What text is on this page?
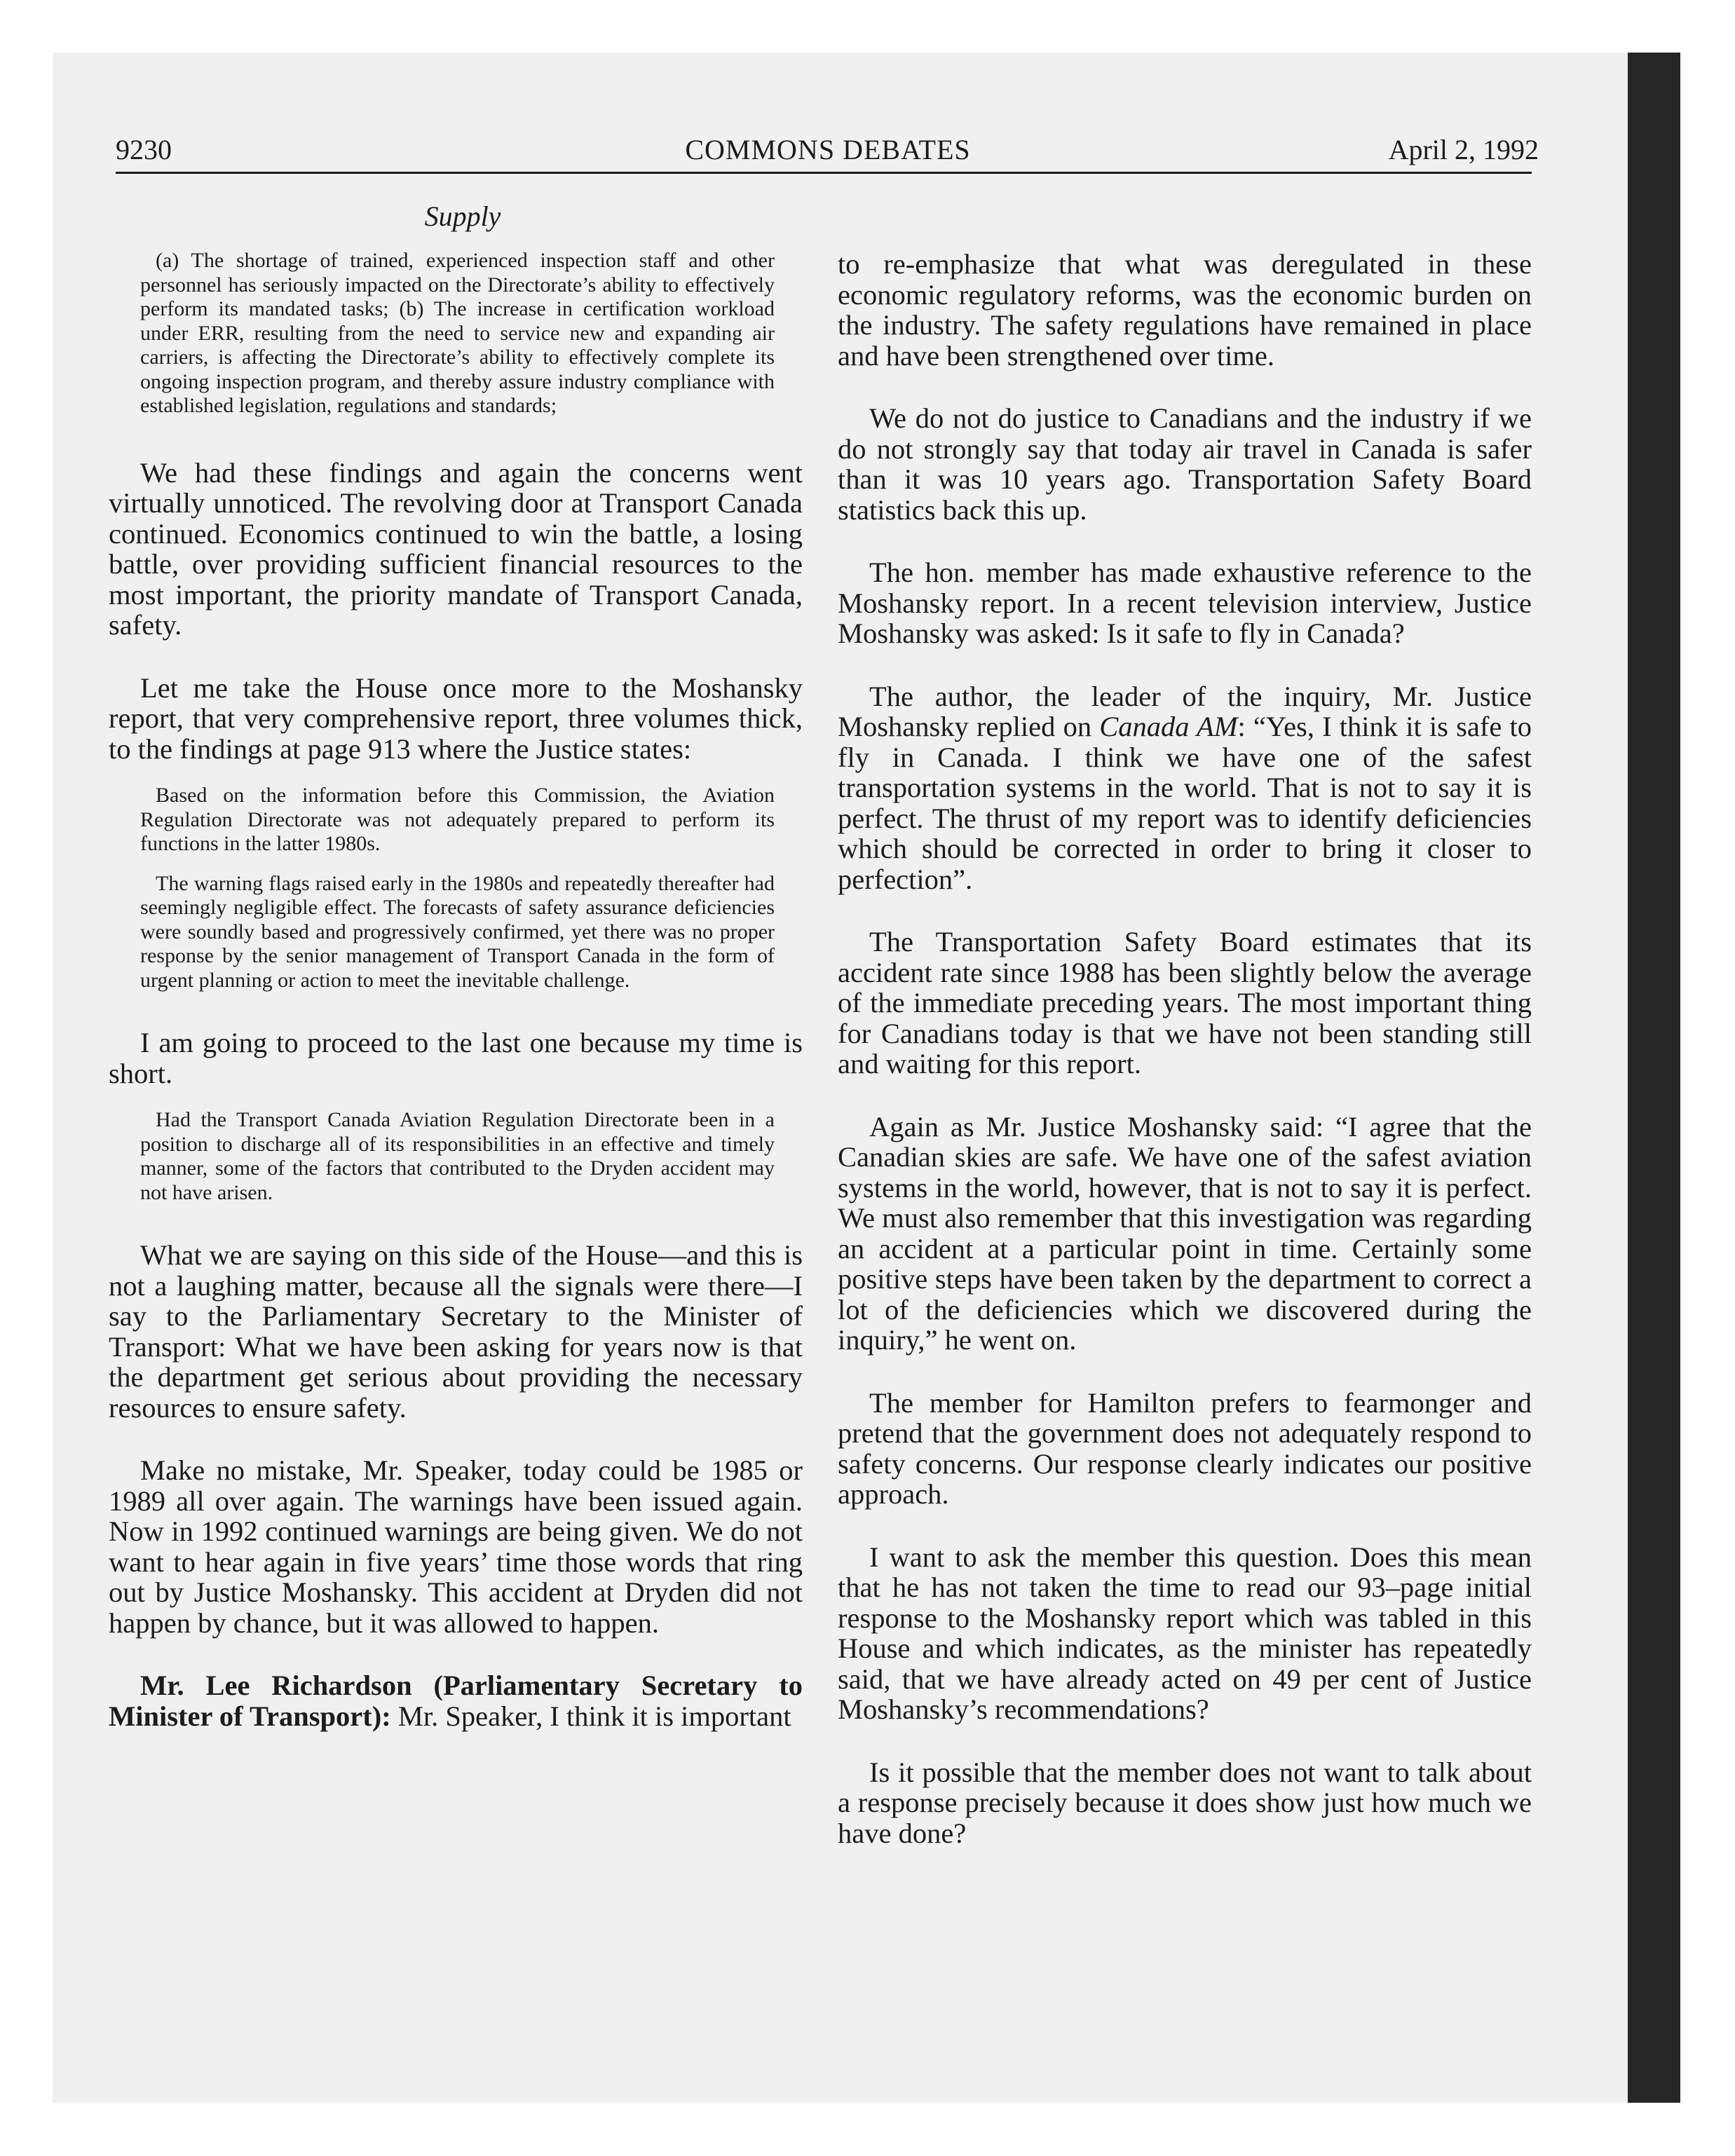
9230	COMMONS DEBATES	April 2, 1992
Supply

(a) The shortage of trained, experienced inspection staff and other personnel has seriously impacted on the Directorate’s ability to effectively perform its mandated tasks; (b) The increase in certification workload under ERR, resulting from the need to service new and expanding air carriers, is affecting the Directorate’s ability to effectively complete its ongoing inspection program, and thereby assure industry compliance with established legislation, regulations and standards;

We had these findings and again the concerns went virtually unnoticed. The revolving door at Transport Canada continued. Economics continued to win the battle, a losing battle, over providing sufficient financial resources to the most important, the priority mandate of Transport Canada, safety.

Let me take the House once more to the Moshansky report, that very comprehensive report, three volumes thick, to the findings at page 913 where the Justice states:

Based on the information before this Commission, the Aviation Regulation Directorate was not adequately prepared to perform its functions in the latter 1980s.

The warning flags raised early in the 1980s and repeatedly thereafter had seemingly negligible effect. The forecasts of safety assurance deficiencies were soundly based and progressively confirmed, yet there was no proper response by the senior management of Transport Canada in the form of urgent planning or action to meet the inevitable challenge.

I am going to proceed to the last one because my time is short.

Had the Transport Canada Aviation Regulation Directorate been in a position to discharge all of its responsibilities in an effective and timely manner, some of the factors that contributed to the Dryden accident may not have arisen.

What we are saying on this side of the House—and this is not a laughing matter, because all the signals were there—I say to the Parliamentary Secretary to the Minister of Transport: What we have been asking for years now is that the department get serious about providing the necessary resources to ensure safety.

Make no mistake, Mr. Speaker, today could be 1985 or 1989 all over again. The warnings have been issued again. Now in 1992 continued warnings are being given. We do not want to hear again in five years’ time those words that ring out by Justice Moshansky. This accident at Dryden did not happen by chance, but it was allowed to happen.

Mr. Lee Richardson (Parliamentary Secretary to Minister of Transport): Mr. Speaker, I think it is important

to re-emphasize that what was deregulated in these economic regulatory reforms, was the economic burden on the industry. The safety regulations have remained in place and have been strengthened over time.

We do not do justice to Canadians and the industry if we do not strongly say that today air travel in Canada is safer than it was 10 years ago. Transportation Safety Board statistics back this up.

The hon. member has made exhaustive reference to the Moshansky report. In a recent television interview, Justice Moshansky was asked: Is it safe to fly in Canada?

The author, the leader of the inquiry, Mr. Justice Moshansky replied on Canada AM: “Yes, I think it is safe to fly in Canada. I think we have one of the safest transportation systems in the world. That is not to say it is perfect. The thrust of my report was to identify deficiencies which should be corrected in order to bring it closer to perfection”.

The Transportation Safety Board estimates that its accident rate since 1988 has been slightly below the average of the immediate preceding years. The most important thing for Canadians today is that we have not been standing still and waiting for this report.

Again as Mr. Justice Moshansky said: “I agree that the Canadian skies are safe. We have one of the safest aviation systems in the world, however, that is not to say it is perfect. We must also remember that this investigation was regarding an accident at a particular point in time. Certainly some positive steps have been taken by the department to correct a lot of the deficiencies which we discovered during the inquiry,” he went on.

The member for Hamilton prefers to fearmonger and pretend that the government does not adequately respond to safety concerns. Our response clearly indicates our positive approach.

I want to ask the member this question. Does this mean that he has not taken the time to read our 93–page initial response to the Moshansky report which was tabled in this House and which indicates, as the minister has repeatedly said, that we have already acted on 49 per cent of Justice Moshansky’s recommendations?

Is it possible that the member does not want to talk about a response precisely because it does show just how much we have done?
